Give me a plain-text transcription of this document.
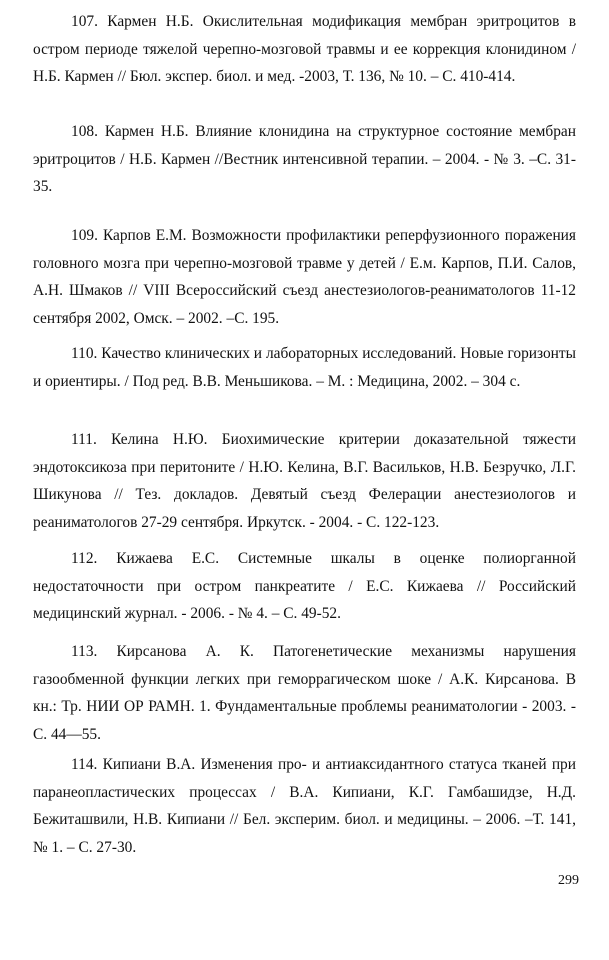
107. Кармен Н.Б. Окислительная модификация мембран эритроцитов в остром периоде тяжелой черепно-мозговой травмы и ее коррекция клонидином / Н.Б. Кармен // Бюл. экспер. биол. и мед. -2003, Т. 136, № 10. – С. 410-414.

108. Кармен Н.Б. Влияние клонидина на структурное состояние мембран эритроцитов / Н.Б. Кармен //Вестник интенсивной терапии. – 2004. - № 3. –С. 31-35.

109. Карпов Е.М. Возможности профилактики реперфузионного поражения головного мозга при черепно-мозговой травме у детей / Е.м. Карпов, П.И. Салов, А.Н. Шмаков // VIII Всероссийский съезд анестезиологов-реаниматологов 11-12 сентября 2002, Омск. – 2002. –С. 195.

110. Качество клинических и лабораторных исследований. Новые горизонты и ориентиры. / Под ред. В.В. Меньшикова. – М. : Медицина, 2002. – 304 с.

111. Келина Н.Ю. Биохимические критерии доказательной тяжести эндотоксикоза при перитоните / Н.Ю. Келина, В.Г. Васильков, Н.В. Безручко, Л.Г. Шикунова // Тез. докладов. Девятый съезд Фелерации анестезиологов и реаниматологов 27-29 сентября. Иркутск. - 2004. - С. 122-123.

112. Кижаева Е.С. Системные шкалы в оценке полиорганной недостаточности при остром панкреатите / Е.С. Кижаева // Российский медицинский журнал. - 2006. - № 4. – С. 49-52.

113. Кирсанова А. К. Патогенетические механизмы нарушения газообменной функции легких при геморрагическом шоке / А.К. Кирсанова. В кн.: Тр. НИИ ОР РАМН. 1. Фундаментальные проблемы реаниматологии - 2003. - С. 44—55.

114. Кипиани В.А. Изменения про- и антиаксидантного статуса тканей при паранеопластических процессах / В.А. Кипиани, К.Г. Гамбашидзе, Н.Д. Бежиташвили, Н.В. Кипиани // Бел. эксперим. биол. и медицины. – 2006. –Т. 141, № 1. – С. 27-30.

299
